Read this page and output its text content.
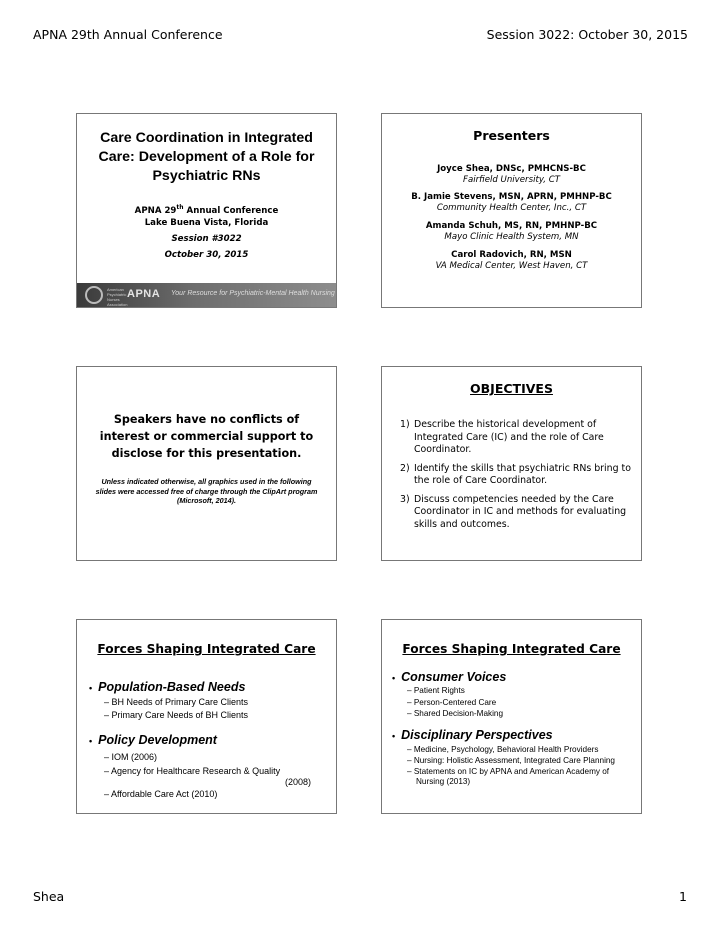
APNA 29th Annual Conference	Session 3022: October 30, 2015
Care Coordination in Integrated Care: Development of a Role for Psychiatric RNs
APNA 29th Annual Conference
Lake Buena Vista, Florida
Session #3022
October 30, 2015
American Psychiatric Nurses Association
APNA Your Resource for Psychiatric-Mental Health Nursing
Presenters
Joyce Shea, DNSc, PMHCNS-BC
Fairfield University, CT
B. Jamie Stevens, MSN, APRN, PMHNP-BC
Community Health Center, Inc., CT
Amanda Schuh, MS, RN, PMHNP-BC
Mayo Clinic Health System, MN
Carol Radovich, RN, MSN
VA Medical Center, West Haven, CT
Speakers have no conflicts of interest or commercial support to disclose for this presentation.
Unless indicated otherwise, all graphics used in the following slides were accessed free of charge through the ClipArt program (Microsoft, 2014).
OBJECTIVES
1) Describe the historical development of Integrated Care (IC) and the role of Care Coordinator.
2) Identify the skills that psychiatric RNs bring to the role of Care Coordinator.
3) Discuss competencies needed by the Care Coordinator in IC and methods for evaluating skills and outcomes.
Forces Shaping Integrated Care
• Population-Based Needs
– BH Needs of Primary Care Clients
– Primary Care Needs of BH Clients
• Policy Development
– IOM (2006)
– Agency for Healthcare Research & Quality
(2008)
– Affordable Care Act (2010)
Forces Shaping Integrated Care
• Consumer Voices
– Patient Rights
– Person-Centered Care
– Shared Decision-Making
• Disciplinary Perspectives
– Medicine, Psychology, Behavioral Health Providers
– Nursing: Holistic Assessment, Integrated Care Planning
– Statements on IC by APNA and American Academy of Nursing (2013)
Shea	1
